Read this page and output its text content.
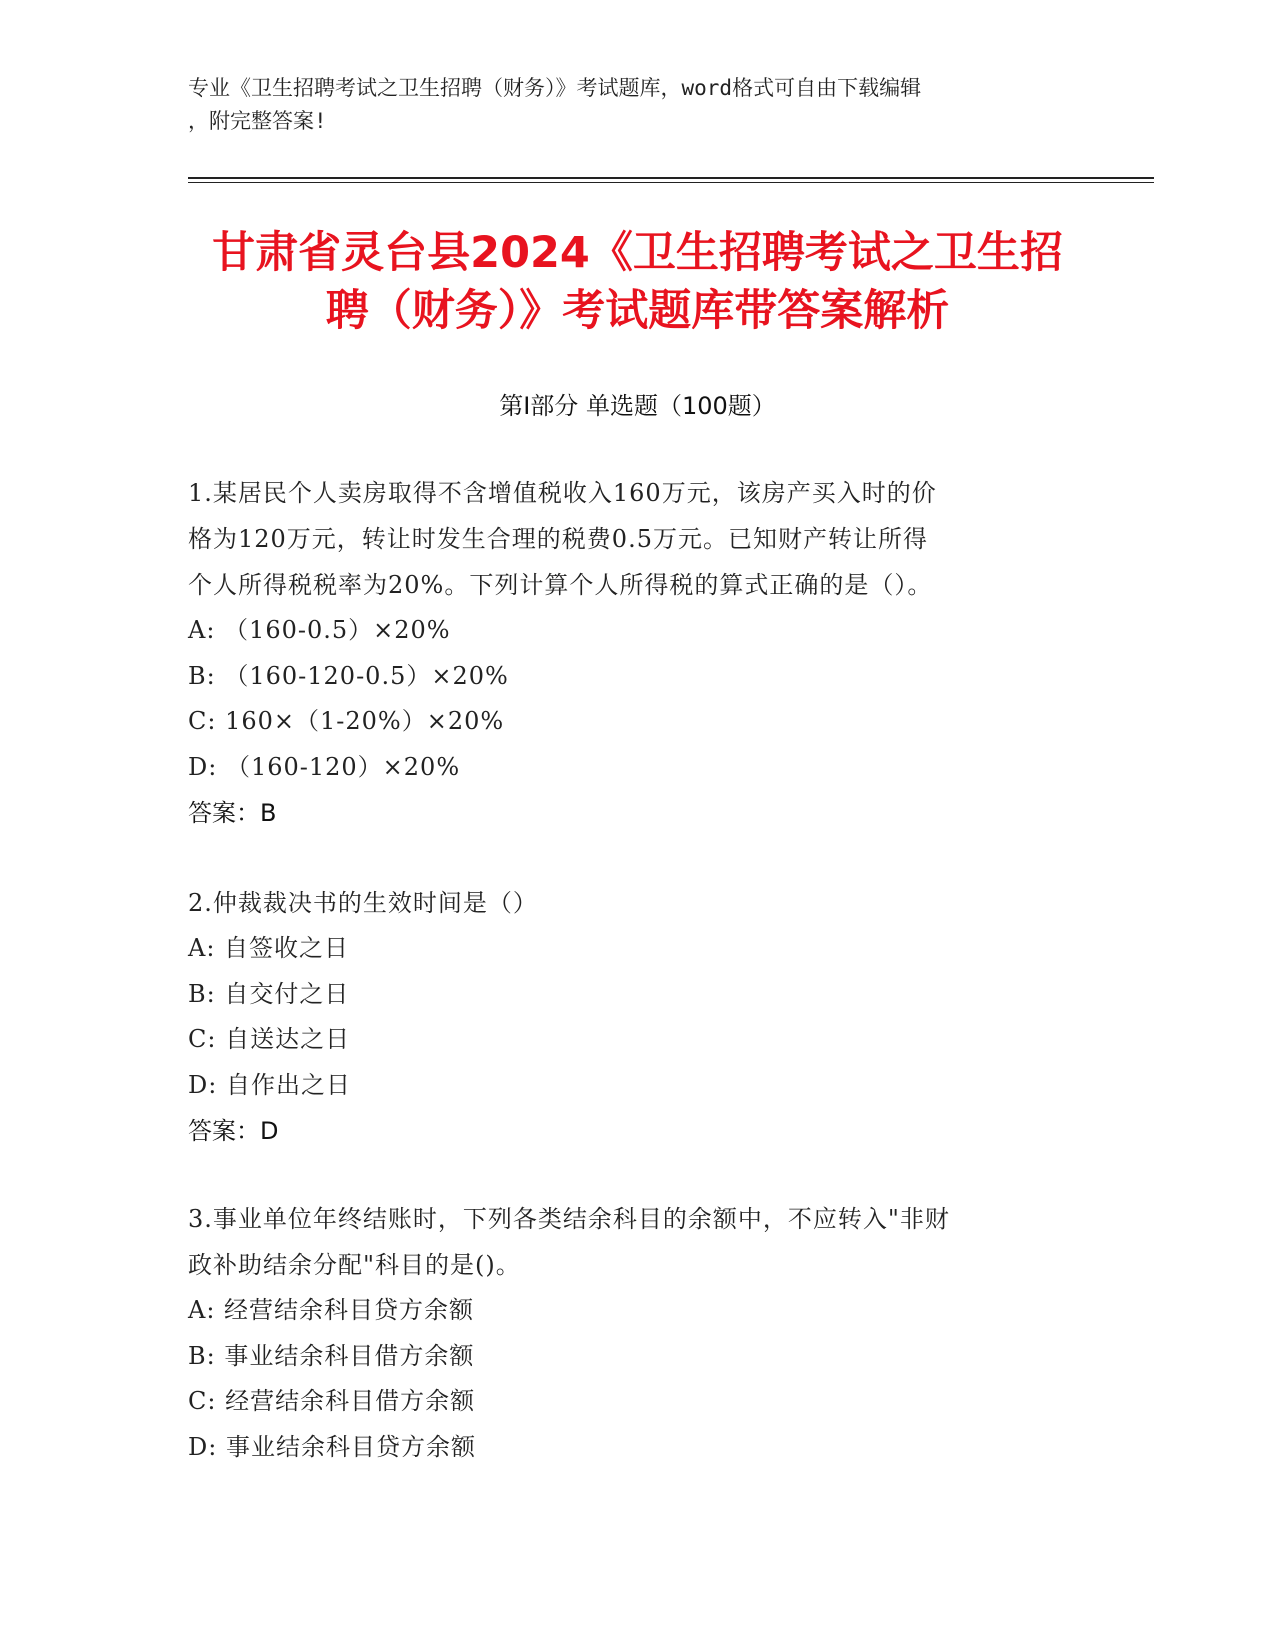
专业《卫生招聘考试之卫生招聘（财务）》考试题库，word格式可自由下载编辑
，附完整答案!
甘肃省灵台县2024《卫生招聘考试之卫生招
聘（财务）》考试题库带答案解析
第Ⅰ部分 单选题（100题）
1.某居民个人卖房取得不含增值税收入160万元，该房产买入时的价
格为120万元，转让时发生合理的税费0.5万元。已知财产转让所得
个人所得税税率为20%。下列计算个人所得税的算式正确的是（）。
A: （160-0.5）×20%
B: （160-120-0.5）×20%
C: 160×（1-20%）×20%
D: （160-120）×20%
答案：B
2.仲裁裁决书的生效时间是（）
A: 自签收之日
B: 自交付之日
C: 自送达之日
D: 自作出之日
答案：D
3.事业单位年终结账时，下列各类结余科目的余额中，不应转入"非财
政补助结余分配"科目的是()。
A: 经营结余科目贷方余额
B: 事业结余科目借方余额
C: 经营结余科目借方余额
D: 事业结余科目贷方余额
